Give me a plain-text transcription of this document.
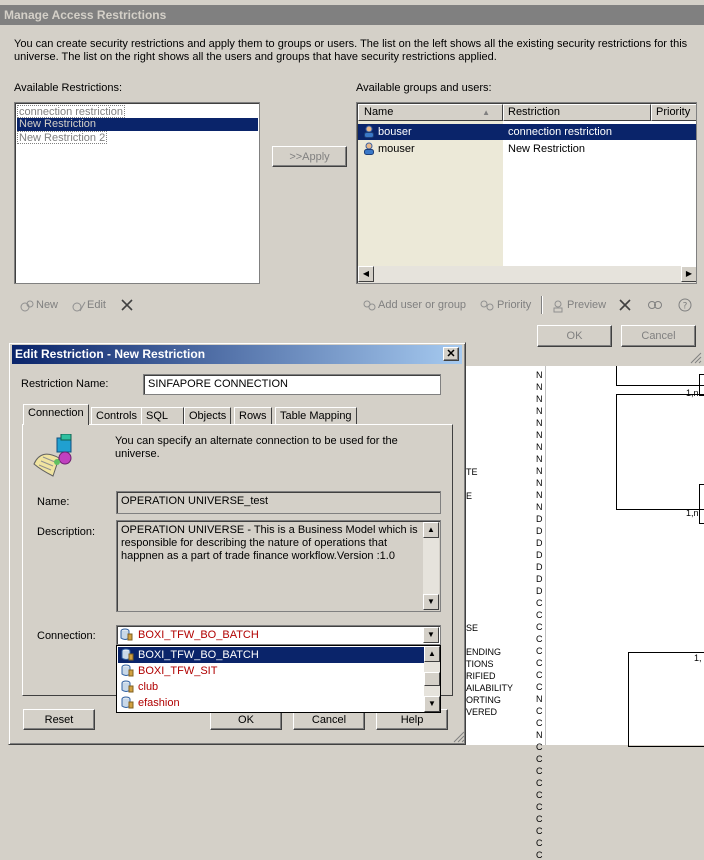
Manage Access Restrictions
You can create security restrictions and apply them to groups or users. The list on the left shows all the existing security restrictions for this universe. The list on the right shows all the users and groups that have security restrictions applied.
Available Restrictions:
connection restriction
New Restriction
New Restriction 2
>>Apply
Available groups and users:
Name	▲	Restriction	Priority
bouser	connection restriction
mouser	New Restriction
◀	▶
New	Edit	Add user or group	Priority	Preview	?
OK	Cancel
1,n
1,n
1,
TE
E
SE
ENDING
TIONS
RIFIED
AILABILITY
ORTING
VERED
N
N
N
N
N
N
N
N
N
N
N
N
D
D
D
D
D
D
D
C
C
C
C
C
C
C
C
N
C
C
N
C
C
C
C
C
C
C
C
C
C
Edit Restriction - New Restriction	✕
Restriction Name:	SINFAPORE CONNECTION
Connection	Controls SQL	Objects	Rows	Table Mapping
You can specify an alternate connection to be used for the universe.
Name:	OPERATION UNIVERSE_test
Description: OPERATION UNIVERSE - This is a Business Model which is responsible for describing the nature of operations that happnen as a part of trade finance workflow.Version :1.0
▲
▼
Connection:	BOXI_TFW_BO_BATCH	▼
Reset	OK	Cancel	Help
BOXI_TFW_BO_BATCH
BOXI_TFW_SIT
club
efashion
▲
▼
